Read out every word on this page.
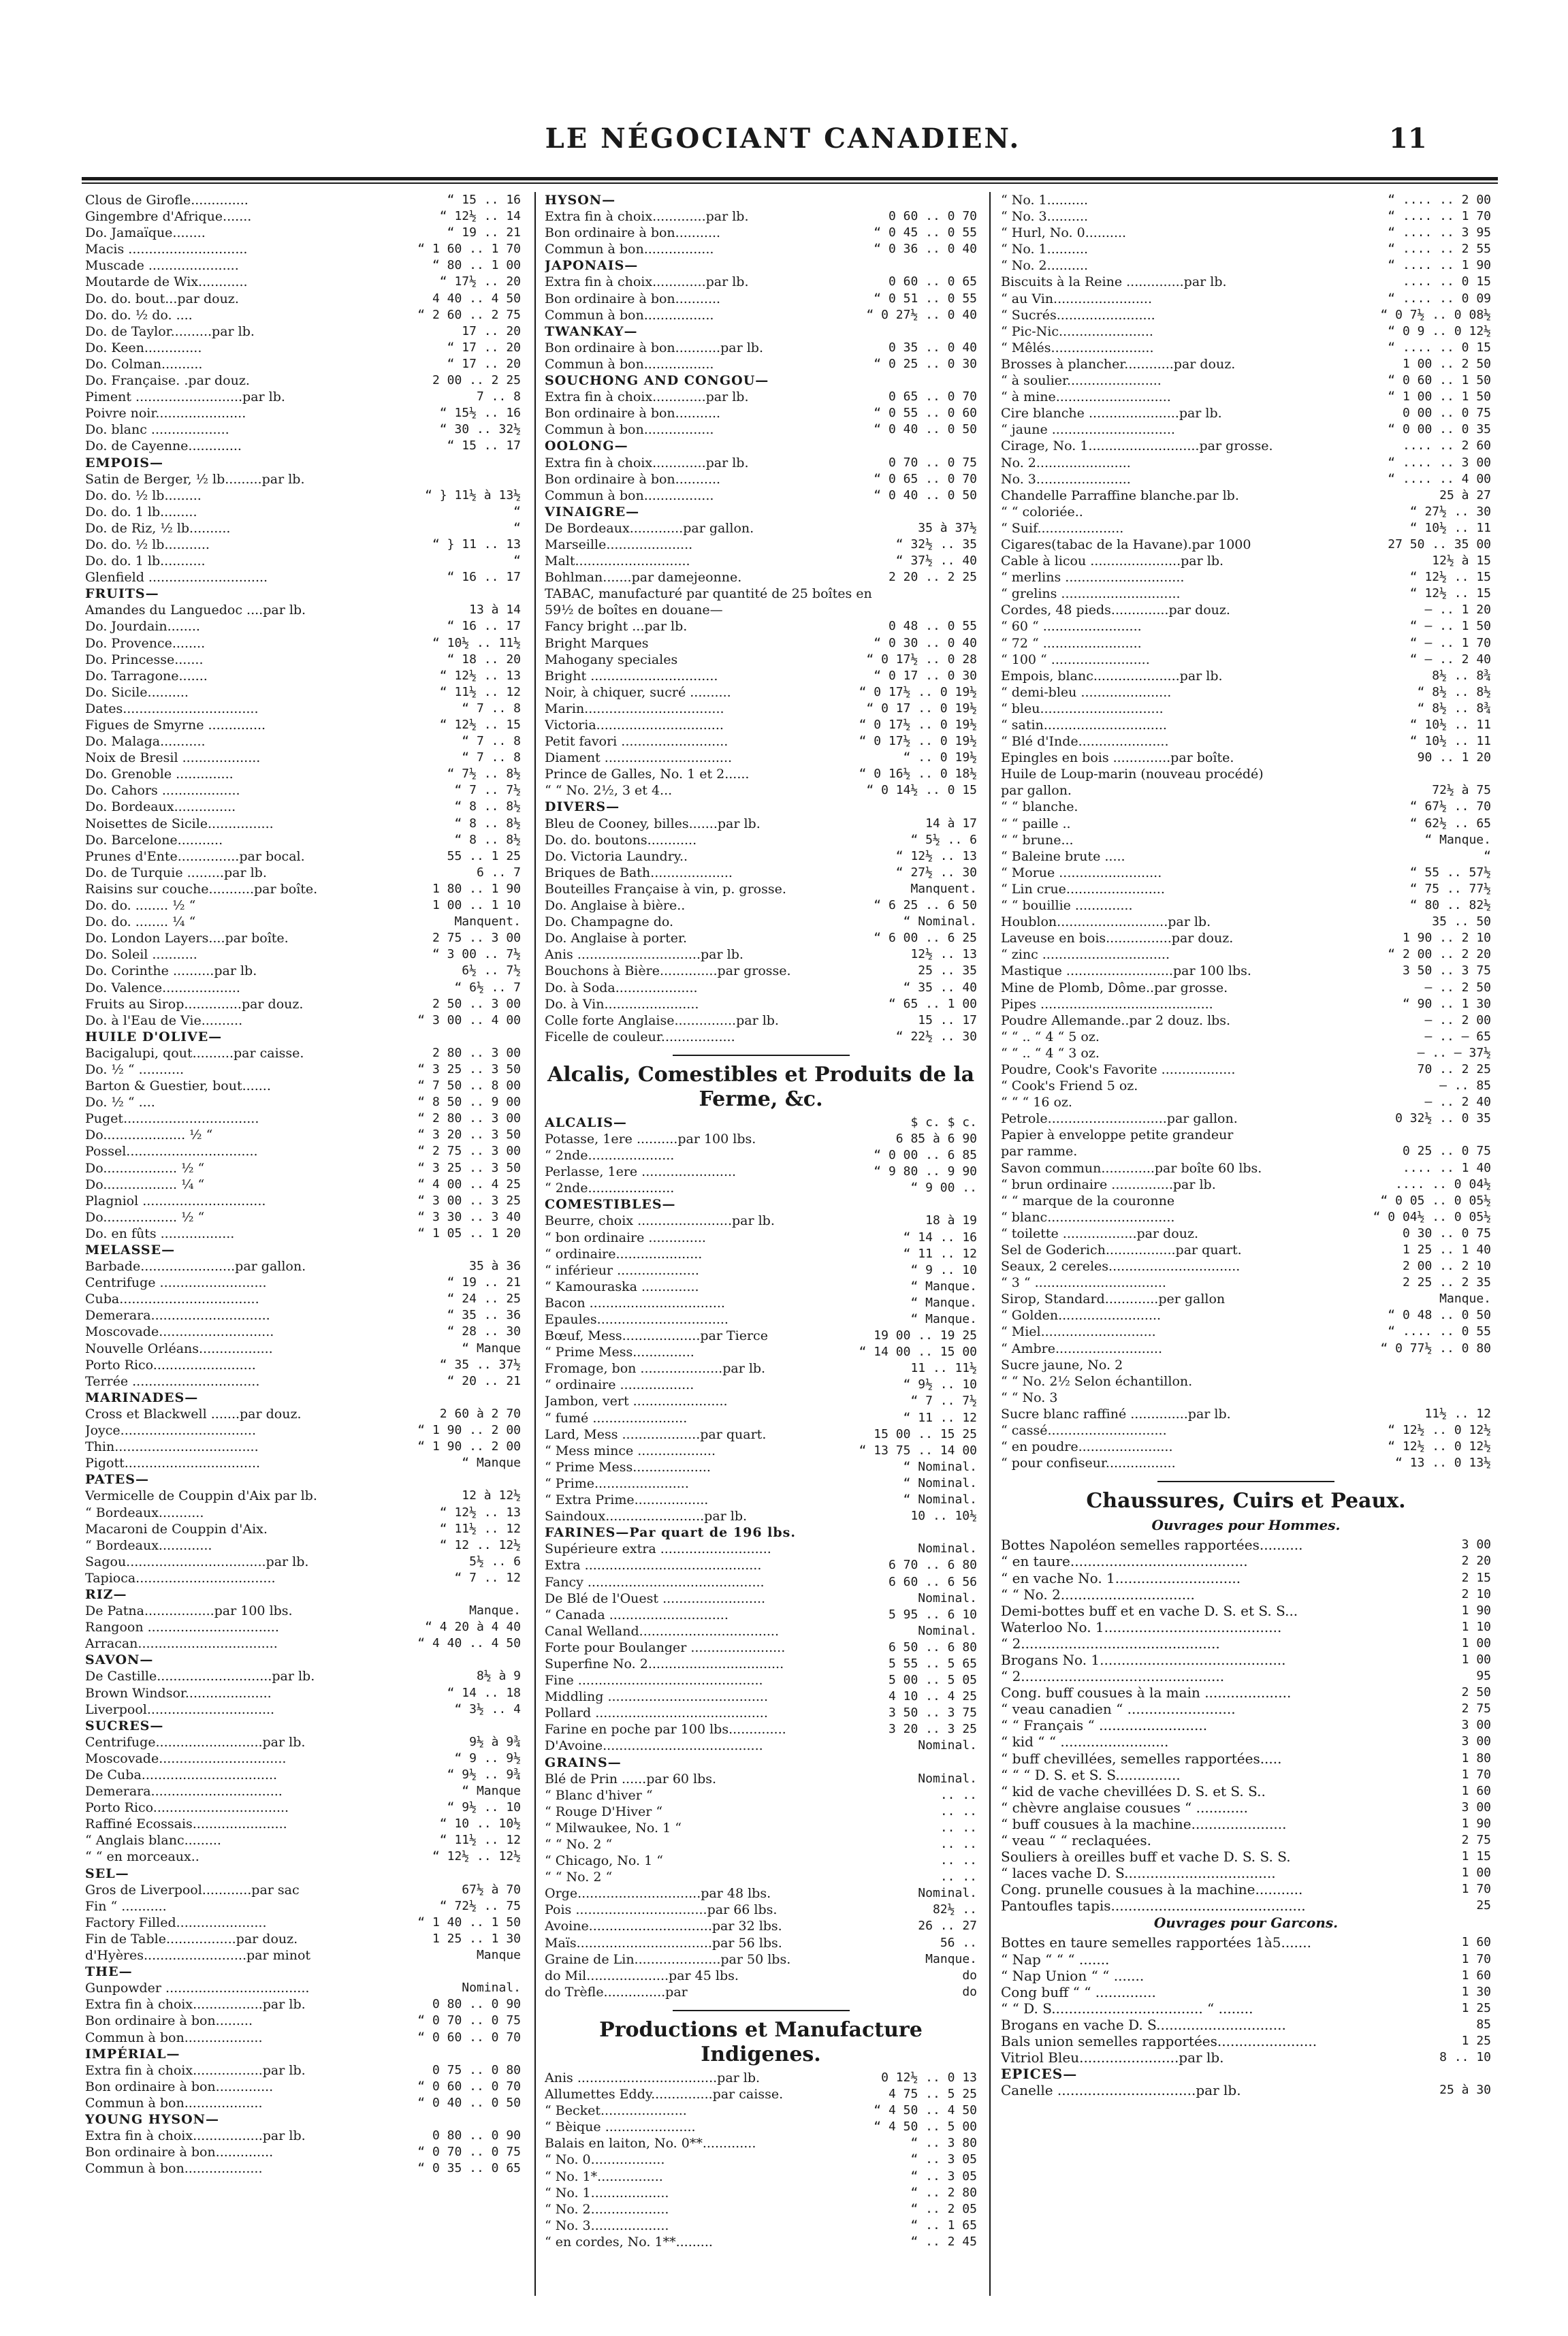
LE NÉGOCIANT CANADIEN.	11
Clous de Girofle..............	“ 15 .. 16
Gingembre d'Afrique.......	“ 12½ .. 14
Do. Jamaïque........	“ 19 .. 21
Macis .............................	“ 1 60 .. 1 70
Muscade ......................	“ 80 .. 1 00
Moutarde de Wix............	“ 17½ .. 20
Do. do. bout...par douz.	4 40 .. 4 50
Do. do. ½ do. ....	“ 2 60 .. 2 75
Do. de Taylor..........par lb.	17 .. 20
Do. Keen..............	“ 17 .. 20
Do. Colman..........	“ 17 .. 20
Do. Française. .par douz.	2 00 .. 2 25
Piment ..........................par lb.	7 .. 8
Poivre noir......................	“ 15½ .. 16
Do. blanc ...................	“ 30 .. 32½
Do. de Cayenne.............	“ 15 .. 17
EMPOIS—
Satin de Berger, ½ lb.........par lb.
Do. do. ½ lb.........	“ } 11½ à 13½
Do. do. 1 lb.........	“
Do. de Riz, ½ lb..........	“
Do. do. ½ lb...........	“ } 11 .. 13
Do. do. 1 lb...........	“
Glenfield .............................	“ 16 .. 17
FRUITS—
Amandes du Languedoc ....par lb.	13 à 14
Do. Jourdain........	“ 16 .. 17
Do. Provence........	“ 10½ .. 11½
Do. Princesse.......	“ 18 .. 20
Do. Tarragone.......	“ 12½ .. 13
Do. Sicile..........	“ 11½ .. 12
Dates.................................	“ 7 .. 8
Figues de Smyrne ..............	“ 12½ .. 15
Do. Malaga...........	“ 7 .. 8
Noix de Bresil ...................	“ 7 .. 8
Do. Grenoble ..............	“ 7½ .. 8½
Do. Cahors ...................	“ 7 .. 7½
Do. Bordeaux...............	“ 8 .. 8½
Noisettes de Sicile................	“ 8 .. 8½
Do. Barcelone...........	“ 8 .. 8½
Prunes d'Ente...............par bocal.	55 .. 1 25
Do. de Turquie .........par lb.	6 .. 7
Raisins sur couche...........par boîte.	1 80 .. 1 90
Do. do. ........ ½ “	1 00 .. 1 10
Do. do. ........ ¼ “	Manquent.
Do. London Layers....par boîte.	2 75 .. 3 00
Do. Soleil ...........	“ 3 00 .. 7½
Do. Corinthe ..........par lb.	6½ .. 7½
Do. Valence...................	“ 6½ .. 7
Fruits au Sirop..............par douz.	2 50 .. 3 00
Do. à l'Eau de Vie..........	“ 3 00 .. 4 00
HUILE D'OLIVE—
Bacigalupi, qout..........par caisse.	2 80 .. 3 00
Do. ½ “ ...........	“ 3 25 .. 3 50
Barton & Guestier, bout.......	“ 7 50 .. 8 00
Do. ½ “ ....	“ 8 50 .. 9 00
Puget.................................	“ 2 80 .. 3 00
Do.................... ½ “	“ 3 20 .. 3 50
Possel................................	“ 2 75 .. 3 00
Do.................. ½ “	“ 3 25 .. 3 50
Do.................. ¼ “	“ 4 00 .. 4 25
Plagniol ..............................	“ 3 00 .. 3 25
Do.................. ½ “	“ 3 30 .. 3 40
Do. en fûts ..................	“ 1 05 .. 1 20
MELASSE—
Barbade.......................par gallon.	35 à 36
Centrifuge ..........................	“ 19 .. 21
Cuba..................................	“ 24 .. 25
Demerara.............................	“ 35 .. 36
Moscovade............................	“ 28 .. 30
Nouvelle Orléans..................	“ Manque
Porto Rico.........................	“ 35 .. 37½
Terrée ...............................	“ 20 .. 21
MARINADES—
Cross et Blackwell .......par douz.	2 60 à 2 70
Joyce.................................	“ 1 90 .. 2 00
Thin...................................	“ 1 90 .. 2 00
Pigott.................................	“ Manque
PATES—
Vermicelle de Couppin d'Aix par lb.	12 à 12½
“ Bordeaux...........	“ 12½ .. 13
Macaroni de Couppin d'Aix.	“ 11½ .. 12
“ Bordeaux.............	“ 12 .. 12½
Sagou..................................par lb.	5½ .. 6
Tapioca..................................	“ 7 .. 12
RIZ—
De Patna.................par 100 lbs.	Manque.
Rangoon ................................	“ 4 20 à 4 40
Arracan..................................	“ 4 40 .. 4 50
SAVON—
De Castille............................par lb.	8½ à 9
Brown Windsor.....................	“ 14 .. 18
Liverpool...............................	“ 3½ .. 4
SUCRES—
Centrifuge..........................par lb.	9½ à 9¾
Moscovade...............................	“ 9 .. 9½
De Cuba.................................	“ 9½ .. 9¾
Demerara................................	“ Manque
Porto Rico.................................	“ 9½ .. 10
Raffiné Ecossais.......................	“ 10 .. 10½
“ Anglais blanc.........	“ 11½ .. 12
“ “ en morceaux..	“ 12½ .. 12½
SEL—
Gros de Liverpool............par sac	67½ à 70
Fin “ ...........	“ 72½ .. 75
Factory Filled......................	“ 1 40 .. 1 50
Fin de Table.................par douz.	1 25 .. 1 30
d'Hyères.........................par minot	Manque
THE—
Gunpowder ...................................	Nominal.
Extra fin à choix.................par lb.	0 80 .. 0 90
Bon ordinaire à bon.........	“ 0 70 .. 0 75
Commun à bon...................	“ 0 60 .. 0 70
IMPÉRIAL—
Extra fin à choix.................par lb.	0 75 .. 0 80
Bon ordinaire à bon..............	“ 0 60 .. 0 70
Commun à bon...................	“ 0 40 .. 0 50
YOUNG HYSON—
Extra fin à choix.................par lb.	0 80 .. 0 90
Bon ordinaire à bon..............	“ 0 70 .. 0 75
Commun à bon...................	“ 0 35 .. 0 65
HYSON—
Extra fin à choix.............par lb.	0 60 .. 0 70
Bon ordinaire à bon...........	“ 0 45 .. 0 55
Commun à bon.................	“ 0 36 .. 0 40
JAPONAIS—
Extra fin à choix.............par lb.	0 60 .. 0 65
Bon ordinaire à bon...........	“ 0 51 .. 0 55
Commun à bon.................	“ 0 27½ .. 0 40
TWANKAY—
Bon ordinaire à bon...........par lb.	0 35 .. 0 40
Commun à bon.................	“ 0 25 .. 0 30
SOUCHONG AND CONGOU—
Extra fin à choix.............par lb.	0 65 .. 0 70
Bon ordinaire à bon...........	“ 0 55 .. 0 60
Commun à bon.................	“ 0 40 .. 0 50
OOLONG—
Extra fin à choix.............par lb.	0 70 .. 0 75
Bon ordinaire à bon...........	“ 0 65 .. 0 70
Commun à bon.................	“ 0 40 .. 0 50
VINAIGRE—
De Bordeaux.............par gallon.	35 à 37½
Marseille.....................	“ 32½ .. 35
Malt............................	“ 37½ .. 40
Bohlman.......par damejeonne.	2 20 .. 2 25
TABAC, manufacturé par quantité de 25 boîtes en
59½ de boîtes en douane—
Fancy bright ...par lb.	0 48 .. 0 55
Bright Marques	“ 0 30 .. 0 40
Mahogany speciales	“ 0 17½ .. 0 28
Bright ...............................	“ 0 17 .. 0 30
Noir, à chiquer, sucré ..........	“ 0 17½ .. 0 19½
Marin..................................	“ 0 17 .. 0 19½
Victoria...............................	“ 0 17½ .. 0 19½
Petit favori ..........................	“ 0 17½ .. 0 19½
Diament ...............................	“ .. 0 19½
Prince de Galles, No. 1 et 2......	“ 0 16½ .. 0 18½
“ “ No. 2½, 3 et 4...	“ 0 14½ .. 0 15
DIVERS—
Bleu de Cooney, billes.......par lb.	14 à 17
Do. do. boutons............	“ 5½ .. 6
Do. Victoria Laundry..	“ 12½ .. 13
Briques de Bath....................	“ 27½ .. 30
Bouteilles Française à vin, p. grosse.	Manquent.
Do. Anglaise à bière..	“ 6 25 .. 6 50
Do. Champagne do.	“ Nominal.
Do. Anglaise à porter.	“ 6 00 .. 6 25
Anis ..............................par lb.	12½ .. 13
Bouchons à Bière..............par grosse.	25 .. 35
Do. à Soda....................	“ 35 .. 40
Do. à Vin.......................	“ 65 .. 1 00
Colle forte Anglaise...............par lb.	15 .. 17
Ficelle de couleur..................	“ 22½ .. 30
Alcalis, Comestibles et Produits de la Ferme, &c.
ALCALIS—	$ c. $ c.
Potasse, 1ere ..........par 100 lbs.	6 85 à 6 90
“ 2nde.....................	“ 0 00 .. 6 85
Perlasse, 1ere .......................	“ 9 80 .. 9 90
“ 2nde.....................	“ 9 00 ..
COMESTIBLES—
Beurre, choix .......................par lb.	18 à 19
“ bon ordinaire ..............	“ 14 .. 16
“ ordinaire.....................	“ 11 .. 12
“ inférieur ....................	“ 9 .. 10
“ Kamouraska ..............	“ Manque.
Bacon .................................	“ Manque.
Epaules................................	“ Manque.
Bœuf, Mess...................par Tierce	19 00 .. 19 25
“ Prime Mess...............	“ 14 00 .. 15 00
Fromage, bon ....................par lb.	11 .. 11½
“ ordinaire ..................	“ 9½ .. 10
Jambon, vert .......................	“ 7 .. 7½
“ fumé .......................	“ 11 .. 12
Lard, Mess ...................par quart.	15 00 .. 15 25
“ Mess mince ...................	“ 13 75 .. 14 00
“ Prime Mess...................	“ Nominal.
“ Prime.......................	“ Nominal.
“ Extra Prime..................	“ Nominal.
Saindoux........................par lb.	10 .. 10½
FARINES—Par quart de 196 lbs.
Supérieure extra ...........................	Nominal.
Extra ...........................................	6 70 .. 6 80
Fancy ...........................................	6 60 .. 6 56
De Blé de l'Ouest .........................	Nominal.
“ Canada .............................	5 95 .. 6 10
Canal Welland..................................	Nominal.
Forte pour Boulanger .......................	6 50 .. 6 80
Superfine No. 2.................................	5 55 .. 5 65
Fine .............................................	5 00 .. 5 05
Middling .......................................	4 10 .. 4 25
Pollard ..........................................	3 50 .. 3 75
Farine en poche par 100 lbs..............	3 20 .. 3 25
D'Avoine.......................................	Nominal.
GRAINS—
Blé de Prin ......par 60 lbs.	Nominal.
“ Blanc d'hiver “	.. ..
“ Rouge D'Hiver “	.. ..
“ Milwaukee, No. 1 “	.. ..
“ “ No. 2 “	.. ..
“ Chicago, No. 1 “	.. ..
“ “ No. 2 “	.. ..
Orge..............................par 48 lbs.	Nominal.
Pois ................................par 66 lbs.	82½ ..
Avoine..............................par 32 lbs.	26 .. 27
Maïs.................................par 56 lbs.	56 ..
Graine de Lin.....................par 50 lbs.	Manque.
do Mil....................par 45 lbs.	do
do Trèfle...............par	do
Productions et Manufacture Indigenes.
Anis ..................................par lb.	0 12½ .. 0 13
Allumettes Eddy...............par caisse.	4 75 .. 5 25
“ Becket.....................	“ 4 50 .. 4 50
“ Bèique ......................	“ 4 50 .. 5 00
Balais en laiton, No. 0**.............	“ .. 3 80
“ No. 0..................	“ .. 3 05
“ No. 1*................	“ .. 3 05
“ No. 1...................	“ .. 2 80
“ No. 2...................	“ .. 2 05
“ No. 3...................	“ .. 1 65
“ en cordes, No. 1**.........	“ .. 2 45
“ No. 1..........	“ .... .. 2 00
“ No. 3..........	“ .... .. 1 70
“ Hurl, No. 0..........	“ .... .. 3 95
“ No. 1..........	“ .... .. 2 55
“ No. 2..........	“ .... .. 1 90
Biscuits à la Reine ..............par lb.	.... .. 0 15
“ au Vin........................	“ .... .. 0 09
“ Sucrés........................	“ 0 7½ .. 0 08½
“ Pic-Nic.......................	“ 0 9 .. 0 12½
“ Mêlés.........................	“ .... .. 0 15
Brosses à plancher............par douz.	1 00 .. 2 50
“ à soulier.......................	“ 0 60 .. 1 50
“ à mine............................	“ 1 00 .. 1 50
Cire blanche ......................par lb.	0 00 .. 0 75
“ jaune ..............................	“ 0 00 .. 0 35
Cirage, No. 1...........................par grosse.	.... .. 2 60
No. 2.......................	“ .... .. 3 00
No. 3.......................	“ .... .. 4 00
Chandelle Parraffine blanche.par lb.	25 à 27
“ “ coloriée..	“ 27½ .. 30
“ Suif.....................	“ 10½ .. 11
Cigares(tabac de la Havane).par 1000	27 50 .. 35 00
Cable à licou ......................par lb.	12½ à 15
“ merlins .............................	“ 12½ .. 15
“ grelins .............................	“ 12½ .. 15
Cordes, 48 pieds..............par douz.	— .. 1 20
“ 60 “ ........................	“ — .. 1 50
“ 72 “ ........................	“ — .. 1 70
“ 100 “ ........................	“ — .. 2 40
Empois, blanc.....................par lb.	8½ .. 8¾
“ demi-bleu ......................	“ 8½ .. 8½
“ bleu..............................	“ 8½ .. 8¾
“ satin..............................	“ 10½ .. 11
“ Blé d'Inde......................	“ 10½ .. 11
Epingles en bois ..............par boîte.	90 .. 1 20
Huile de Loup-marin (nouveau procédé)
par gallon.	72½ à 75
“ “ blanche.	“ 67½ .. 70
“ “ paille ..	“ 62½ .. 65
“ “ brune...	“ Manque.
“ Baleine brute .....	“
“ Morue .........................	“ 55 .. 57½
“ Lin crue........................	“ 75 .. 77½
“ “ bouillie ..............	“ 80 .. 82½
Houblon...........................par lb.	35 .. 50
Laveuse en bois................par douz.	1 90 .. 2 10
“ zinc ...............................	“ 2 00 .. 2 20
Mastique ..........................par 100 lbs.	3 50 .. 3 75
Mine de Plomb, Dôme..par grosse.	— .. 2 50
Pipes ..........................................	“ 90 .. 1 30
Poudre Allemande..par 2 douz. lbs.	— .. 2 00
“ “ .. “ 4 “ 5 oz.	— .. — 65
“ “ .. “ 4 “ 3 oz.	— .. — 37½
Poudre, Cook's Favorite ..................	70 .. 2 25
“ Cook's Friend 5 oz.	— .. 85
“ “ “ 16 oz.	— .. 2 40
Petrole.............................par gallon.	0 32½ .. 0 35
Papier à enveloppe petite grandeur
par ramme.	0 25 .. 0 75
Savon commun.............par boîte 60 lbs.	.... .. 1 40
“ brun ordinaire ...............par lb.	.... .. 0 04½
“ “ marque de la couronne	“ 0 05 .. 0 05½
“ blanc...............................	“ 0 04½ .. 0 05½
“ toilette ..................par douz.	0 30 .. 0 75
Sel de Goderich.................par quart.	1 25 .. 1 40
Seaux, 2 cereles................................	2 00 .. 2 10
“ 3 “ ................................	2 25 .. 2 35
Sirop, Standard.............per gallon	Manque.
“ Golden.........................	“ 0 48 .. 0 50
“ Miel............................	“ .... .. 0 55
“ Ambre..........................	“ 0 77½ .. 0 80
Sucre jaune, No. 2
“ “ No. 2½ Selon échantillon.
“ “ No. 3
Sucre blanc raffiné ..............par lb.	11½ .. 12
“ cassé.............................	“ 12½ .. 0 12½
“ en poudre.......................	“ 12½ .. 0 12½
“ pour confiseur.................	“ 13 .. 0 13½
Chaussures, Cuirs et Peaux.
Ouvrages pour Hommes.
Bottes Napoléon semelles rapportées..........	3 00
“ en taure.........................................	2 20
“ en vache No. 1.............................	2 15
“ “ No. 2...............................	2 10
Demi-bottes buff et en vache D. S. et S. S...	1 90
Waterloo No. 1.........................................	1 10
“ 2..............................................	1 00
Brogans No. 1...........................................	1 00
“ 2...............................................	95
Cong. buff cousues à la main ....................	2 50
“ veau canadien “ .........................	2 75
“ “ Français “ .........................	3 00
“ kid “ “ .........................	3 00
“ buff chevillées, semelles rapportées.....	1 80
“ “ “ D. S. et S. S...............	1 70
“ kid de vache chevillées D. S. et S. S..	1 60
“ chèvre anglaise cousues “ ............	3 00
“ buff cousues à la machine......................	1 90
“ veau “ “ reclaquées.	2 75
Souliers à oreilles buff et vache D. S. S. S.	1 15
“ laces vache D. S...................................	1 00
Cong. prunelle cousues à la machine...........	1 70
Pantoufles tapis.............................................	25
Ouvrages pour Garcons.
Bottes en taure semelles rapportées 1à5.......	1 60
“ Nap “ “ “ .......	1 70
“ Nap Union “ “ .......	1 60
Cong buff “ “ ..............	1 30
“ “ D. S................................... “ ........	1 25
Brogans en vache D. S..............................	85
Bals union semelles rapportées.......................	1 25
Vitriol Bleu.......................par lb.	8 .. 10
EPICES—
Canelle ................................par lb.	25 à 30
